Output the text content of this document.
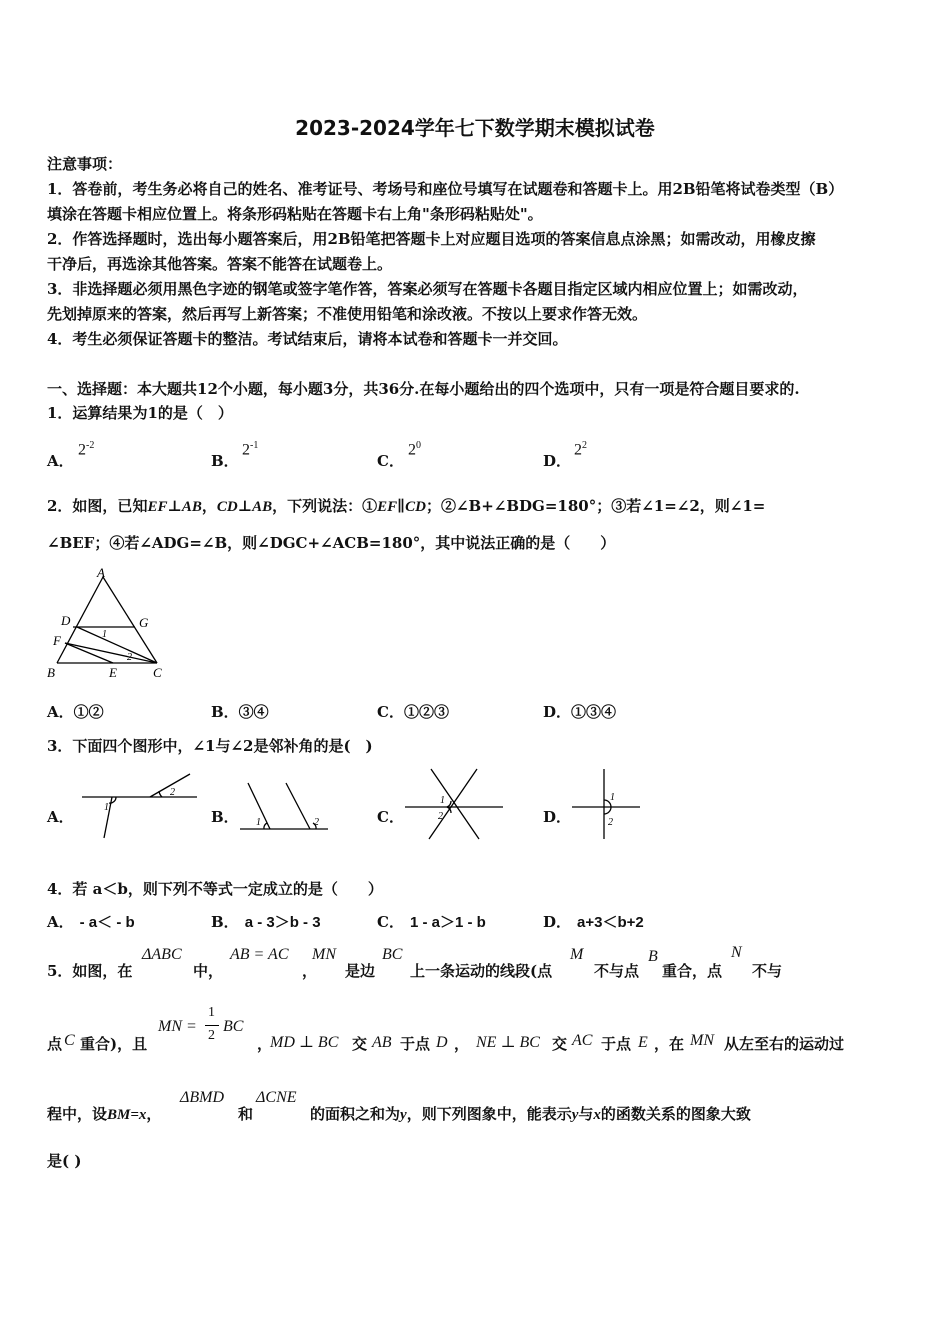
2023-2024学年七下数学期末模拟试卷
注意事项：
1．答卷前，考生务必将自己的姓名、准考证号、考场号和座位号填写在试题卷和答题卡上。用2B铅笔将试卷类型（B）
填涂在答题卡相应位置上。将条形码粘贴在答题卡右上角"条形码粘贴处"。
2．作答选择题时，选出每小题答案后，用2B铅笔把答题卡上对应题目选项的答案信息点涂黑；如需改动，用橡皮擦
干净后，再选涂其他答案。答案不能答在试题卷上。
3．非选择题必须用黑色字迹的钢笔或签字笔作答，答案必须写在答题卡各题目指定区域内相应位置上；如需改动，
先划掉原来的答案，然后再写上新答案；不准使用铅笔和涂改液。不按以上要求作答无效。
4．考生必须保证答题卡的整洁。考试结束后，请将本试卷和答题卡一并交回。
一、选择题：本大题共12个小题，每小题3分，共36分.在每小题给出的四个选项中，只有一项是符合题目要求的.
1．运算结果为1的是（　）
A．
$2^{-2}$
B．
$2^{-1}$
C．
$2^0$
D．
$2^2$
2．如图，已知EF⊥AB，CD⊥AB，下列说法：①EF∥CD；②∠B+∠BDG=180°；③若∠1=∠2，则∠1=
∠BEF；④若∠ADG=∠B，则∠DGC+∠ACB=180°，其中说法正确的是（　　）
A
D	G
F
B	E	C
1
2
A．①②	B．③④	C．①②③	D．①③④
3．下面四个图形中，∠1与∠2是邻补角的是(　)
A．
1
2
B． 1	2	C．
1
2	D．
1
2
4．若 a＜b，则下列不等式一定成立的是（　　）
A． - a＜ - b	B． a - 3＞b - 3	C． 1 - a＞1 - b	D． a+3＜b+2
5．如图，在
ΔABC
中，
AB = AC
，
MN
是边
BC
上一条运动的线段(点
M
不与点
B
重合，点
N
不与
点 C 重合)，且
MN =
1
2
BC
，
MD ⊥ BC 交 AB 于点 D ， NE ⊥ BC 交 AC 于点 E ，在 MN 从左至右的运动过
程中，设BM=x，
ΔBMD
和
ΔCNE
的面积之和为y，则下列图象中，能表示y与x的函数关系的图象大致
是( )
